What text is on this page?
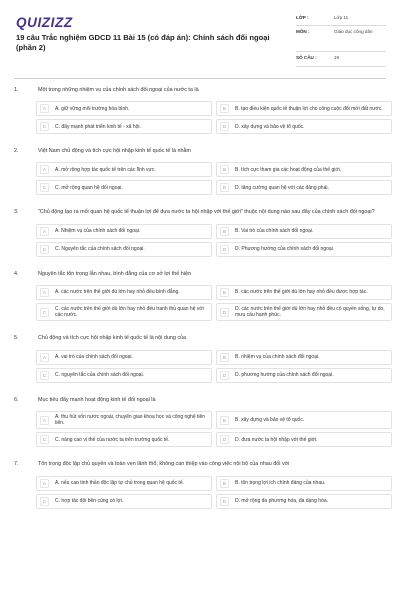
QUIZIZZ
19 câu Trắc nghiệm GDCD 11 Bài 15 (có đáp án): Chính sách đối ngoại (phần 2)
LỚP :	Lớp 11
MÔN :	Giáo dục công dân
SỐ CÂU :	19
1.	Một trong những nhiệm vụ của chính sách đối ngoại của nước ta là
A	A. giữ vững môi trường hòa bình.	B	B. tạo điều kiện quốc tế thuận lợi cho công cuộc đổi mới đất nước.
C	C. đẩy mạnh phát triển kinh tế - xã hội.	D	D. xây dựng và bảo vệ tổ quốc.
2.	Việt Nam chủ động và tích cực hội nhập kinh tế quốc tế là nhằm
A	A. mở rộng hợp tác quốc tế trên các lĩnh vực.	B	B. tích cực tham gia các hoạt động của thế giới.
C	C. mở rộng quan hệ đối ngoại.	D	D. tăng cường quan hệ với các đảng phái.
3.	"Chủ động tạo ra mối quan hệ quốc tế thuận lợi để đưa nước ta hội nhập với thế giới" thuộc nội dung nào sau đây của chính sách đối ngoại?
A	A. Nhiệm vụ của chính sách đối ngoại.	B	B. Vai trò của chính sách đối ngoại.
C	C. Nguyên tắc của chính sách đối ngoại.	D	D. Phương hướng của chính sách đối ngoại.
4.	Nguyên tắc tôn trọng lẫn nhau, bình đẳng của cơ sở lợi thế hiện
A	A. các nước trên thế giới dù lớn hay nhỏ đều bình đẳng.	B	B. các nước trên thế giới dù lớn hay nhỏ đều được hợp tác.
C
C. các nước trên thế giới dù lớn hay nhỏ đều tranh thủ quan hệ với các nước.	D
D. các nước trên thế giới dù lớn hay nhỏ đều có quyền sống, tự do, mưu cầu hạnh phúc.
5.	Chủ động và tích cực hội nhập kinh tế quốc tế là nội dung của
A	A. vai trò của chính sách đối ngoại.	B	B. nhiệm vụ của chính sách đối ngoại.
C	C. nguyên tắc của chính sách đối ngoại.	D	D. phương hướng của chính sách đối ngoại.
6.	Mục tiêu đẩy mạnh hoạt động kinh tế đối ngoại là
A
A. thu hút vốn nước ngoài, chuyển giao khoa học và công nghệ tiên tiến.	B	B. xây dựng và bảo vệ tổ quốc.
C	C. nâng cao vị thế của nước ta trên trường quốc tế.	D	D. đưa nước ta hội nhập với thế giới.
7.	Tôn trọng độc lập chủ quyền và toàn vẹn lãnh thổ, không can thiệp vào công việc nội bộ của nhau đối với
A	A. nếu cao tinh thần độc lập tự chủ trong quan hệ quốc tế.	B	B. tôn trọng lợi ích chính đáng của nhau.
C	C. hợp tác đôi bên cùng có lợi.	D	D. mở rộng đa phương hóa, đa dạng hóa.
